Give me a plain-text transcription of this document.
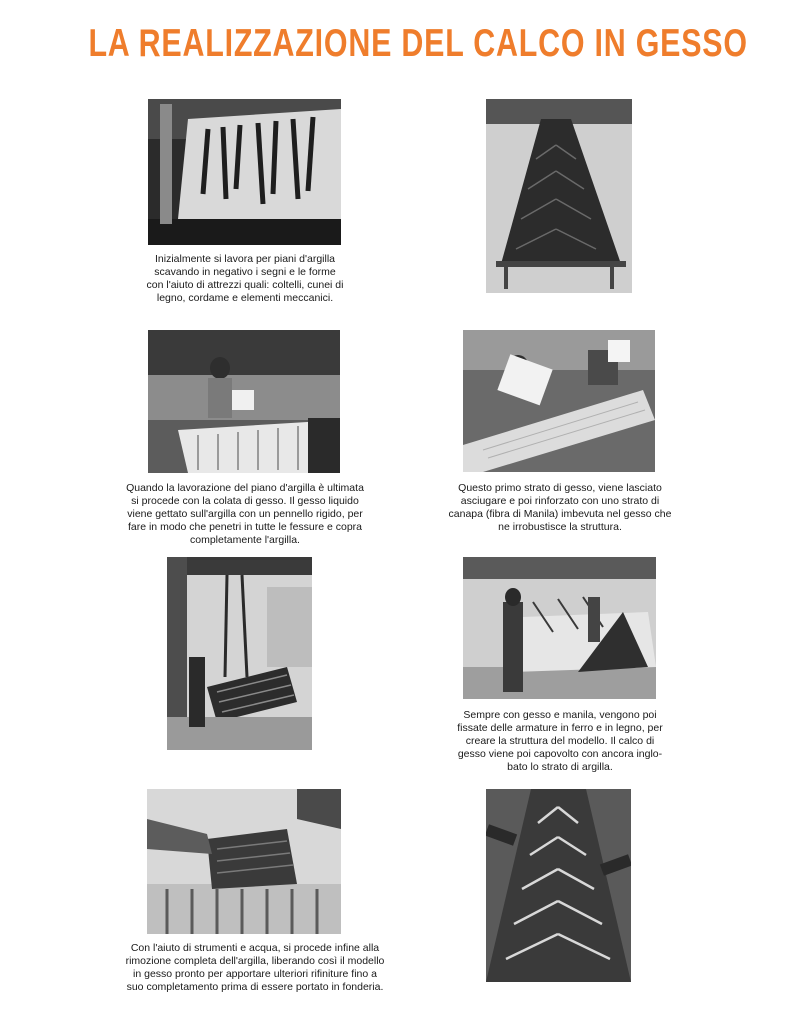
LA REALIZZAZIONE DEL CALCO IN GESSO
Inizialmente si lavora per piani d'argilla
scavando in negativo i segni e le forme
con l'aiuto di attrezzi quali: coltelli, cunei di
legno, cordame e elementi meccanici.
Quando la lavorazione del piano d'argilla è ultimata
si procede con la colata di gesso. Il gesso liquido
viene gettato sull'argilla con un pennello rigido, per
fare in modo che penetri in tutte le fessure e copra
completamente l'argilla.
Questo primo strato di gesso, viene lasciato
asciugare e poi rinforzato con uno strato di
canapa (fibra di Manila) imbevuta nel gesso che
ne irrobustisce la struttura.
Sempre con gesso e manila, vengono poi
fissate delle armature in ferro e in legno, per
creare la struttura del modello. Il calco di
gesso viene poi capovolto con ancora inglo-
bato lo strato di argilla.
Con l'aiuto di strumenti e acqua, si procede infine alla
rimozione completa dell'argilla, liberando così il modello
in gesso pronto per apportare ulteriori rifiniture fino a
suo completamento prima di essere portato in fonderia.
